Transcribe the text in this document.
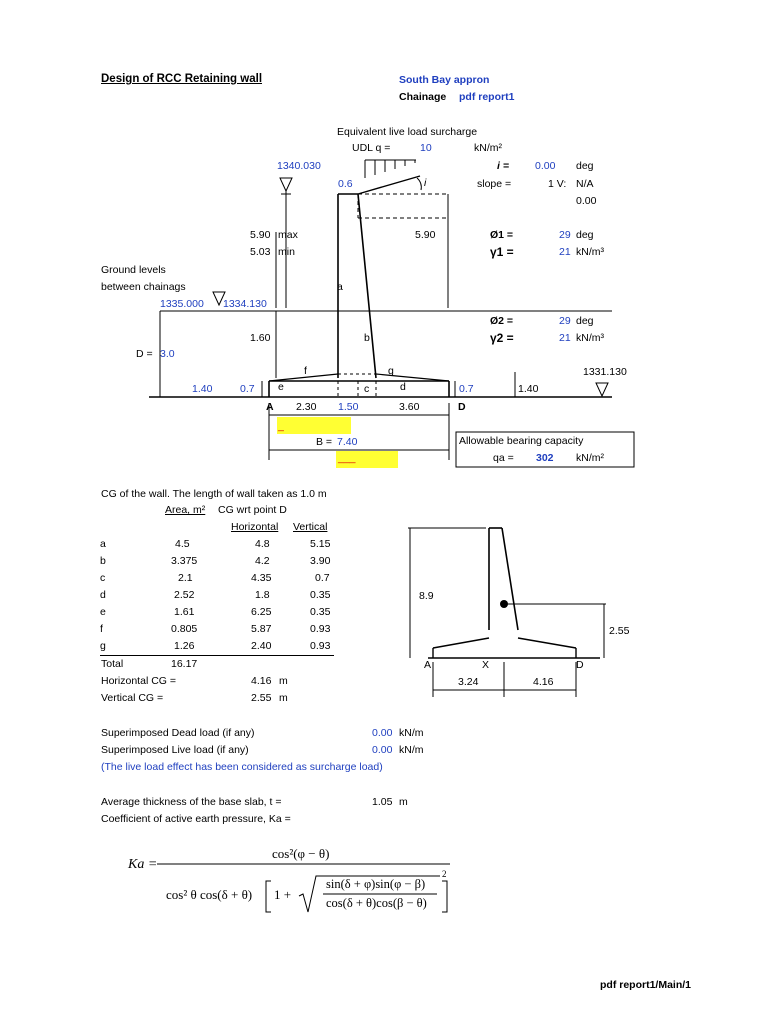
Design of RCC Retaining wall	South Bay appron
Chainage pdf report1
Equivalent live load surcharge
UDL q =	10	kN/m²
1340.030
0.6	i
i = 0.00 deg
slope =	1 V: N/A
0.00
5.90 max
5.03 min
5.90	Ø1 =	29 deg
γ1 =	21 kN/m³
Ground levels
between chainags
1335.000 1334.130
a
Ø2 =	29 deg
γ2 =	21 kN/m³
1.60	b
D = 3.0
f	g	1331.130
1.40	0.7 e	c	d	0.7	1.40
A 2.30 1.50	3.60	D
_
B = 7.40
___
Allowable bearing capacity
qa = 302 kN/m²
CG of the wall. The length of wall taken as 1.0 m
Area, m² CG wrt point D
Horizontal Vertical
a	4.5	4.8	5.15
b	3.375	4.2	3.90
c	2.1	4.35	0.7
d	2.52	1.8	0.35
e	1.61	6.25	0.35
f	0.805	5.87	0.93
g	1.26	2.40	0.93
Total	16.17
Horizontal CG =	4.16 m
Vertical CG =	2.55 m
8.9
2.55
A	X	D
3.24	4.16
Superimposed Dead load (if any)	0.00 kN/m
Superimposed Live load (if any)	0.00 kN/m
(The live load effect has been considered as surcharge load)
Average thickness of the base slab, t =	1.05 m
Coefficient of active earth pressure, Ka =
Ka =
cos²(φ − θ)
cos² θ cos(δ + θ) 1 +
sin(δ + φ)sin(φ − β)
cos(δ + θ)cos(β − θ)
2
pdf report1/Main/1
